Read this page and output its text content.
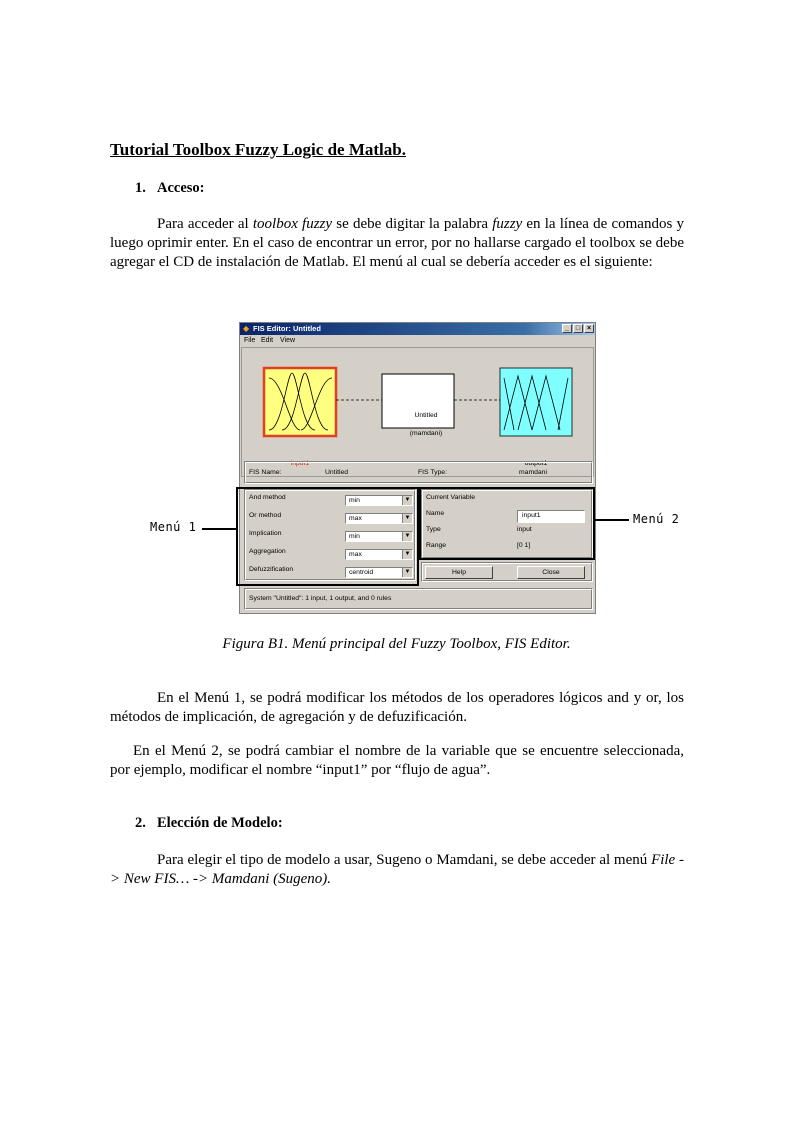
Tutorial Toolbox Fuzzy Logic de Matlab.
1. Acceso:

Para acceder al toolbox fuzzy se debe digitar la palabra fuzzy en la línea de comandos y luego oprimir enter. En el caso de encontrar un error, por no hallarse cargado el toolbox se debe agregar el CD de instalación de Matlab. El menú al cual se debería acceder es el siguiente:

◆ FIS Editor: Untitled	_ □ ×
File Edit View
Untitled
(mamdani)
input1	output1
FIS Name:	Untitled	FIS Type:	mamdani
And method	min	▼
Or method	max	▼
Implication	min	▼
Aggregation	max	▼
Defuzzification	centroid	▼
Current Variable
Name	input1
Type	input
Range	[0 1]
Help	Close
System "Untitled": 1 input, 1 output, and 0 rules
Menú 1
Menú 2

Figura B1. Menú principal del Fuzzy Toolbox, FIS Editor.

En el Menú 1, se podrá modificar los métodos de los operadores lógicos and y or, los métodos de implicación, de agregación y de defuzificación.

En el Menú 2, se podrá cambiar el nombre de la variable que se encuentre seleccionada, por ejemplo, modificar el nombre “input1” por “flujo de agua”.

2. Elección de Modelo:

Para elegir el tipo de modelo a usar, Sugeno o Mamdani, se debe acceder al menú File -> New FIS… -> Mamdani (Sugeno).
